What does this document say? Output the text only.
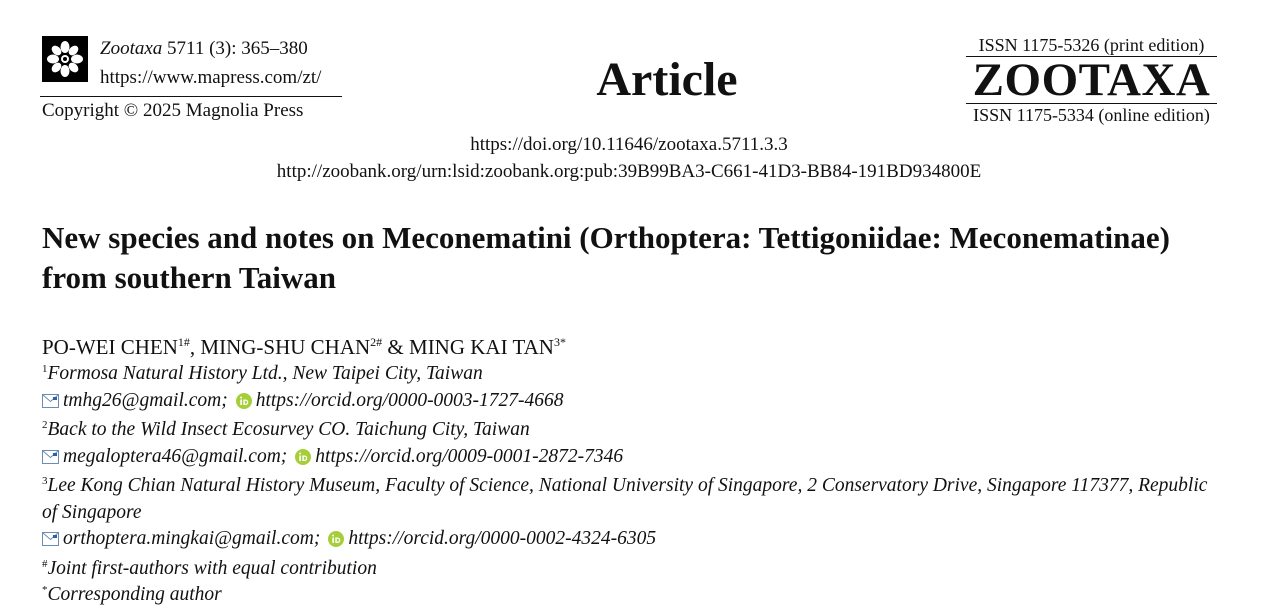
Zootaxa 5711 (3): 365–380
https://www.mapress.com/zt/
Copyright © 2025 Magnolia Press
Article
ISSN 1175-5326 (print edition)
ZOOTAXA
ISSN 1175-5334 (online edition)
https://doi.org/10.11646/zootaxa.5711.3.3
http://zoobank.org/urn:lsid:zoobank.org:pub:39B99BA3-C661-41D3-BB84-191BD934800E
New species and notes on Meconematini (Orthoptera: Tettigoniidae: Meconematinae) from southern Taiwan
PO-WEI $CHEN^{1\#}$, MING-SHU $CHAN^{2\#}$ & MING KAI $TAN^{3*}$
$^1$Formosa Natural History Ltd., New Taipei City, Taiwan
tmhg26@gmail.com; https://orcid.org/0000-0003-1727-4668
$^2$Back to the Wild Insect Ecosurvey CO. Taichung City, Taiwan
megaloptera46@gmail.com; https://orcid.org/0009-0001-2872-7346
$^3$Lee Kong Chian Natural History Museum, Faculty of Science, National University of Singapore, 2 Conservatory Drive, Singapore 117377, Republic of Singapore
orthoptera.mingkai@gmail.com; https://orcid.org/0000-0002-4324-6305
#Joint first-authors with equal contribution
*Corresponding author
